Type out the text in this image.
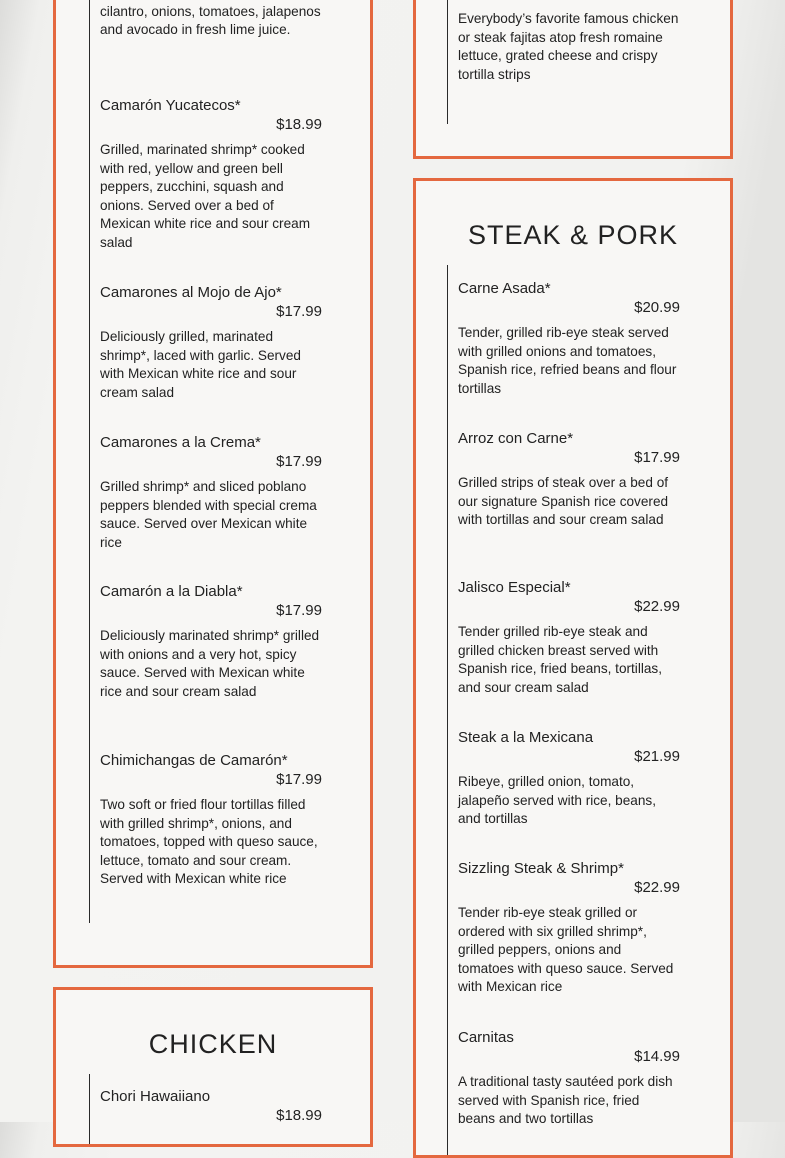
cilantro, onions, tomatoes, jalapenos and avocado in fresh lime juice.
Camarón Yucatecos*
$18.99
Grilled, marinated shrimp* cooked with red, yellow and green bell peppers, zucchini, squash and onions. Served over a bed of Mexican white rice and sour cream salad
Camarones al Mojo de Ajo*
$17.99
Deliciously grilled, marinated shrimp*, laced with garlic. Served with Mexican white rice and sour cream salad
Camarones a la Crema*
$17.99
Grilled shrimp* and sliced poblano peppers blended with special crema sauce. Served over Mexican white rice
Camarón a la Diabla*
$17.99
Deliciously marinated shrimp* grilled with onions and a very hot, spicy sauce. Served with Mexican white rice and sour cream salad
Chimichangas de Camarón*
$17.99
Two soft or fried flour tortillas filled with grilled shrimp*, onions, and tomatoes, topped with queso sauce, lettuce, tomato and sour cream. Served with Mexican white rice
CHICKEN
Chori Hawaiiano
$18.99
Everybody’s favorite famous chicken or steak fajitas atop fresh romaine lettuce, grated cheese and crispy tortilla strips
STEAK & PORK
Carne Asada*
$20.99
Tender, grilled rib-eye steak served with grilled onions and tomatoes, Spanish rice, refried beans and flour tortillas
Arroz con Carne*
$17.99
Grilled strips of steak over a bed of our signature Spanish rice covered with tortillas and sour cream salad
Jalisco Especial*
$22.99
Tender grilled rib-eye steak and grilled chicken breast served with Spanish rice, fried beans, tortillas, and sour cream salad
Steak a la Mexicana
$21.99
Ribeye, grilled onion, tomato, jalapeño served with rice, beans, and tortillas
Sizzling Steak & Shrimp*
$22.99
Tender rib-eye steak grilled or ordered with six grilled shrimp*, grilled peppers, onions and tomatoes with queso sauce. Served with Mexican rice
Carnitas
$14.99
A traditional tasty sautéed pork dish served with Spanish rice, fried beans and two tortillas
